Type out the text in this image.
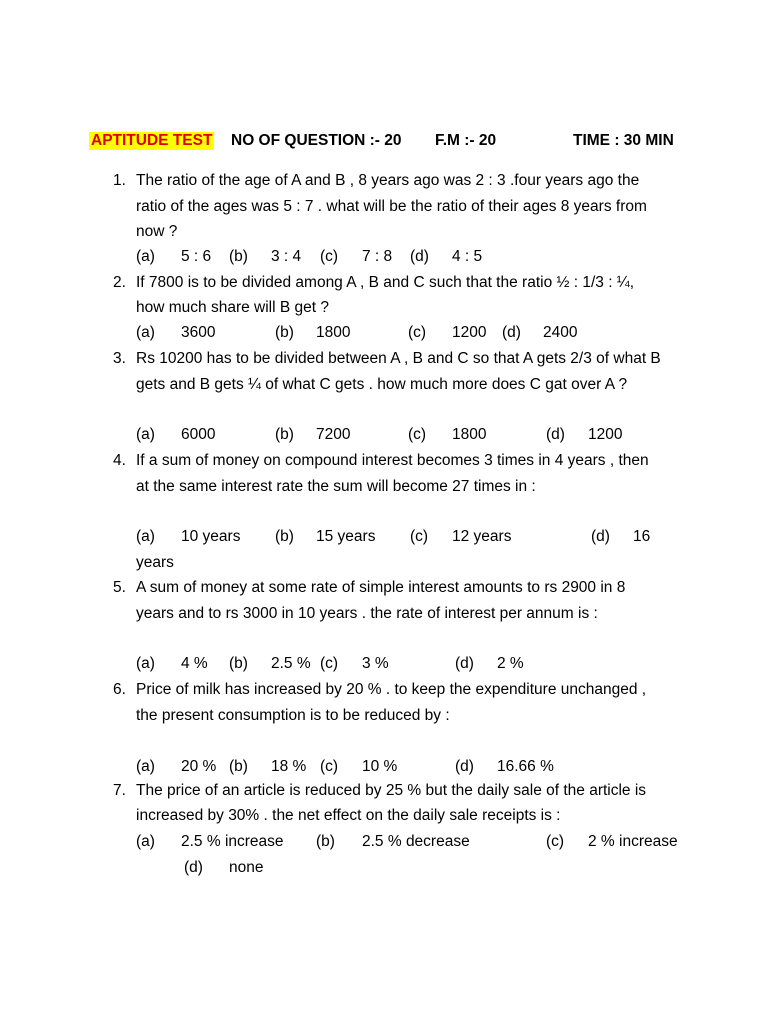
APTITUDE TEST NO OF QUESTION :- 20 F.M :- 20	TIME : 30 MIN
1. The ratio of the age of A and B , 8 years ago was 2 : 3 .four years ago the
ratio of the ages was 5 : 7 . what will be the ratio of their ages 8 years from
now ?
(a) 5 : 6 (b) 3 : 4 (c) 7 : 8 (d) 4 : 5
2. If 7800 is to be divided among A , B and C such that the ratio ½ : 1/3 : ¼,
how much share will B get ?
(a) 3600	(b) 1800	(c) 1200 (d) 2400
3. Rs 10200 has to be divided between A , B and C so that A gets 2/3 of what B
gets and B gets ¼ of what C gets . how much more does C gat over A ?
(a) 6000	(b) 7200	(c) 1800	(d) 1200
4. If a sum of money on compound interest becomes 3 times in 4 years , then
at the same interest rate the sum will become 27 times in :
(a) 10 years (b) 15 years (c) 12 years	(d) 16
years
5. A sum of money at some rate of simple interest amounts to rs 2900 in 8
years and to rs 3000 in 10 years . the rate of interest per annum is :
(a) 4 % (b) 2.5 % (c) 3 %	(d) 2 %
6. Price of milk has increased by 20 % . to keep the expenditure unchanged ,
the present consumption is to be reduced by :
(a) 20 % (b) 18 % (c) 10 %	(d) 16.66 %
7. The price of an article is reduced by 25 % but the daily sale of the article is
increased by 30% . the net effect on the daily sale receipts is :
(a) 2.5 % increase (b) 2.5 % decrease	(c) 2 % increase
(d) none
